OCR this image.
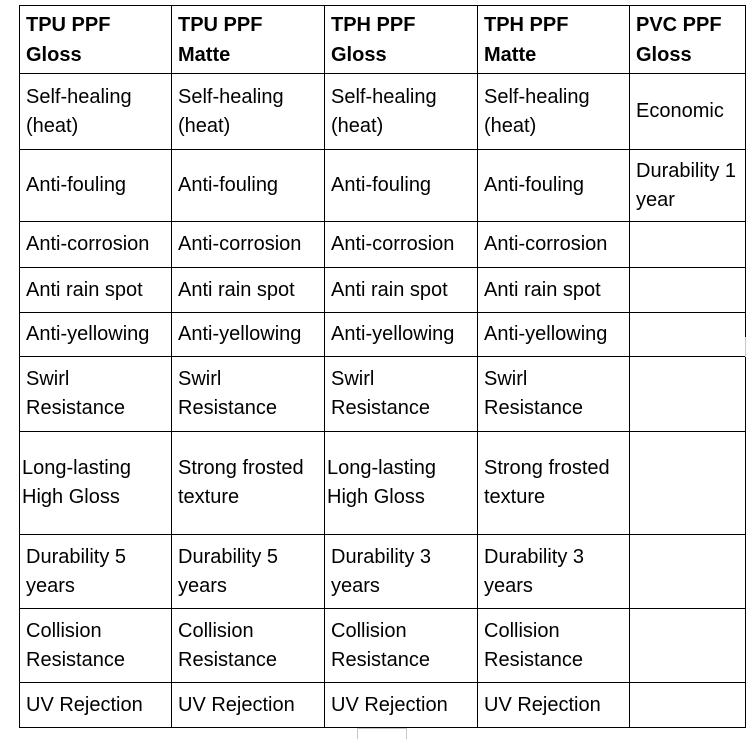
TPU PPF Gloss	TPU PPF Matte	TPH PPF Gloss	TPH PPF Matte	PVC PPF Gloss
Self-healing (heat)	Self-healing (heat)	Self-healing (heat)	Self-healing (heat)	Economic
Anti-fouling	Anti-fouling	Anti-fouling	Anti-fouling	Durability 1 year
Anti-corrosion	Anti-corrosion	Anti-corrosion	Anti-corrosion	
Anti rain spot	Anti rain spot	Anti rain spot	Anti rain spot	
Anti-yellowing	Anti-yellowing	Anti-yellowing	Anti-yellowing	
Swirl Resistance	Swirl Resistance	Swirl Resistance	Swirl Resistance	
Long-lasting High Gloss	Strong frosted texture	Long-lasting High Gloss	Strong frosted texture	
Durability 5 years	Durability 5 years	Durability 3 years	Durability 3 years	
Collision Resistance	Collision Resistance	Collision Resistance	Collision Resistance	
UV Rejection	UV Rejection	UV Rejection	UV Rejection	
